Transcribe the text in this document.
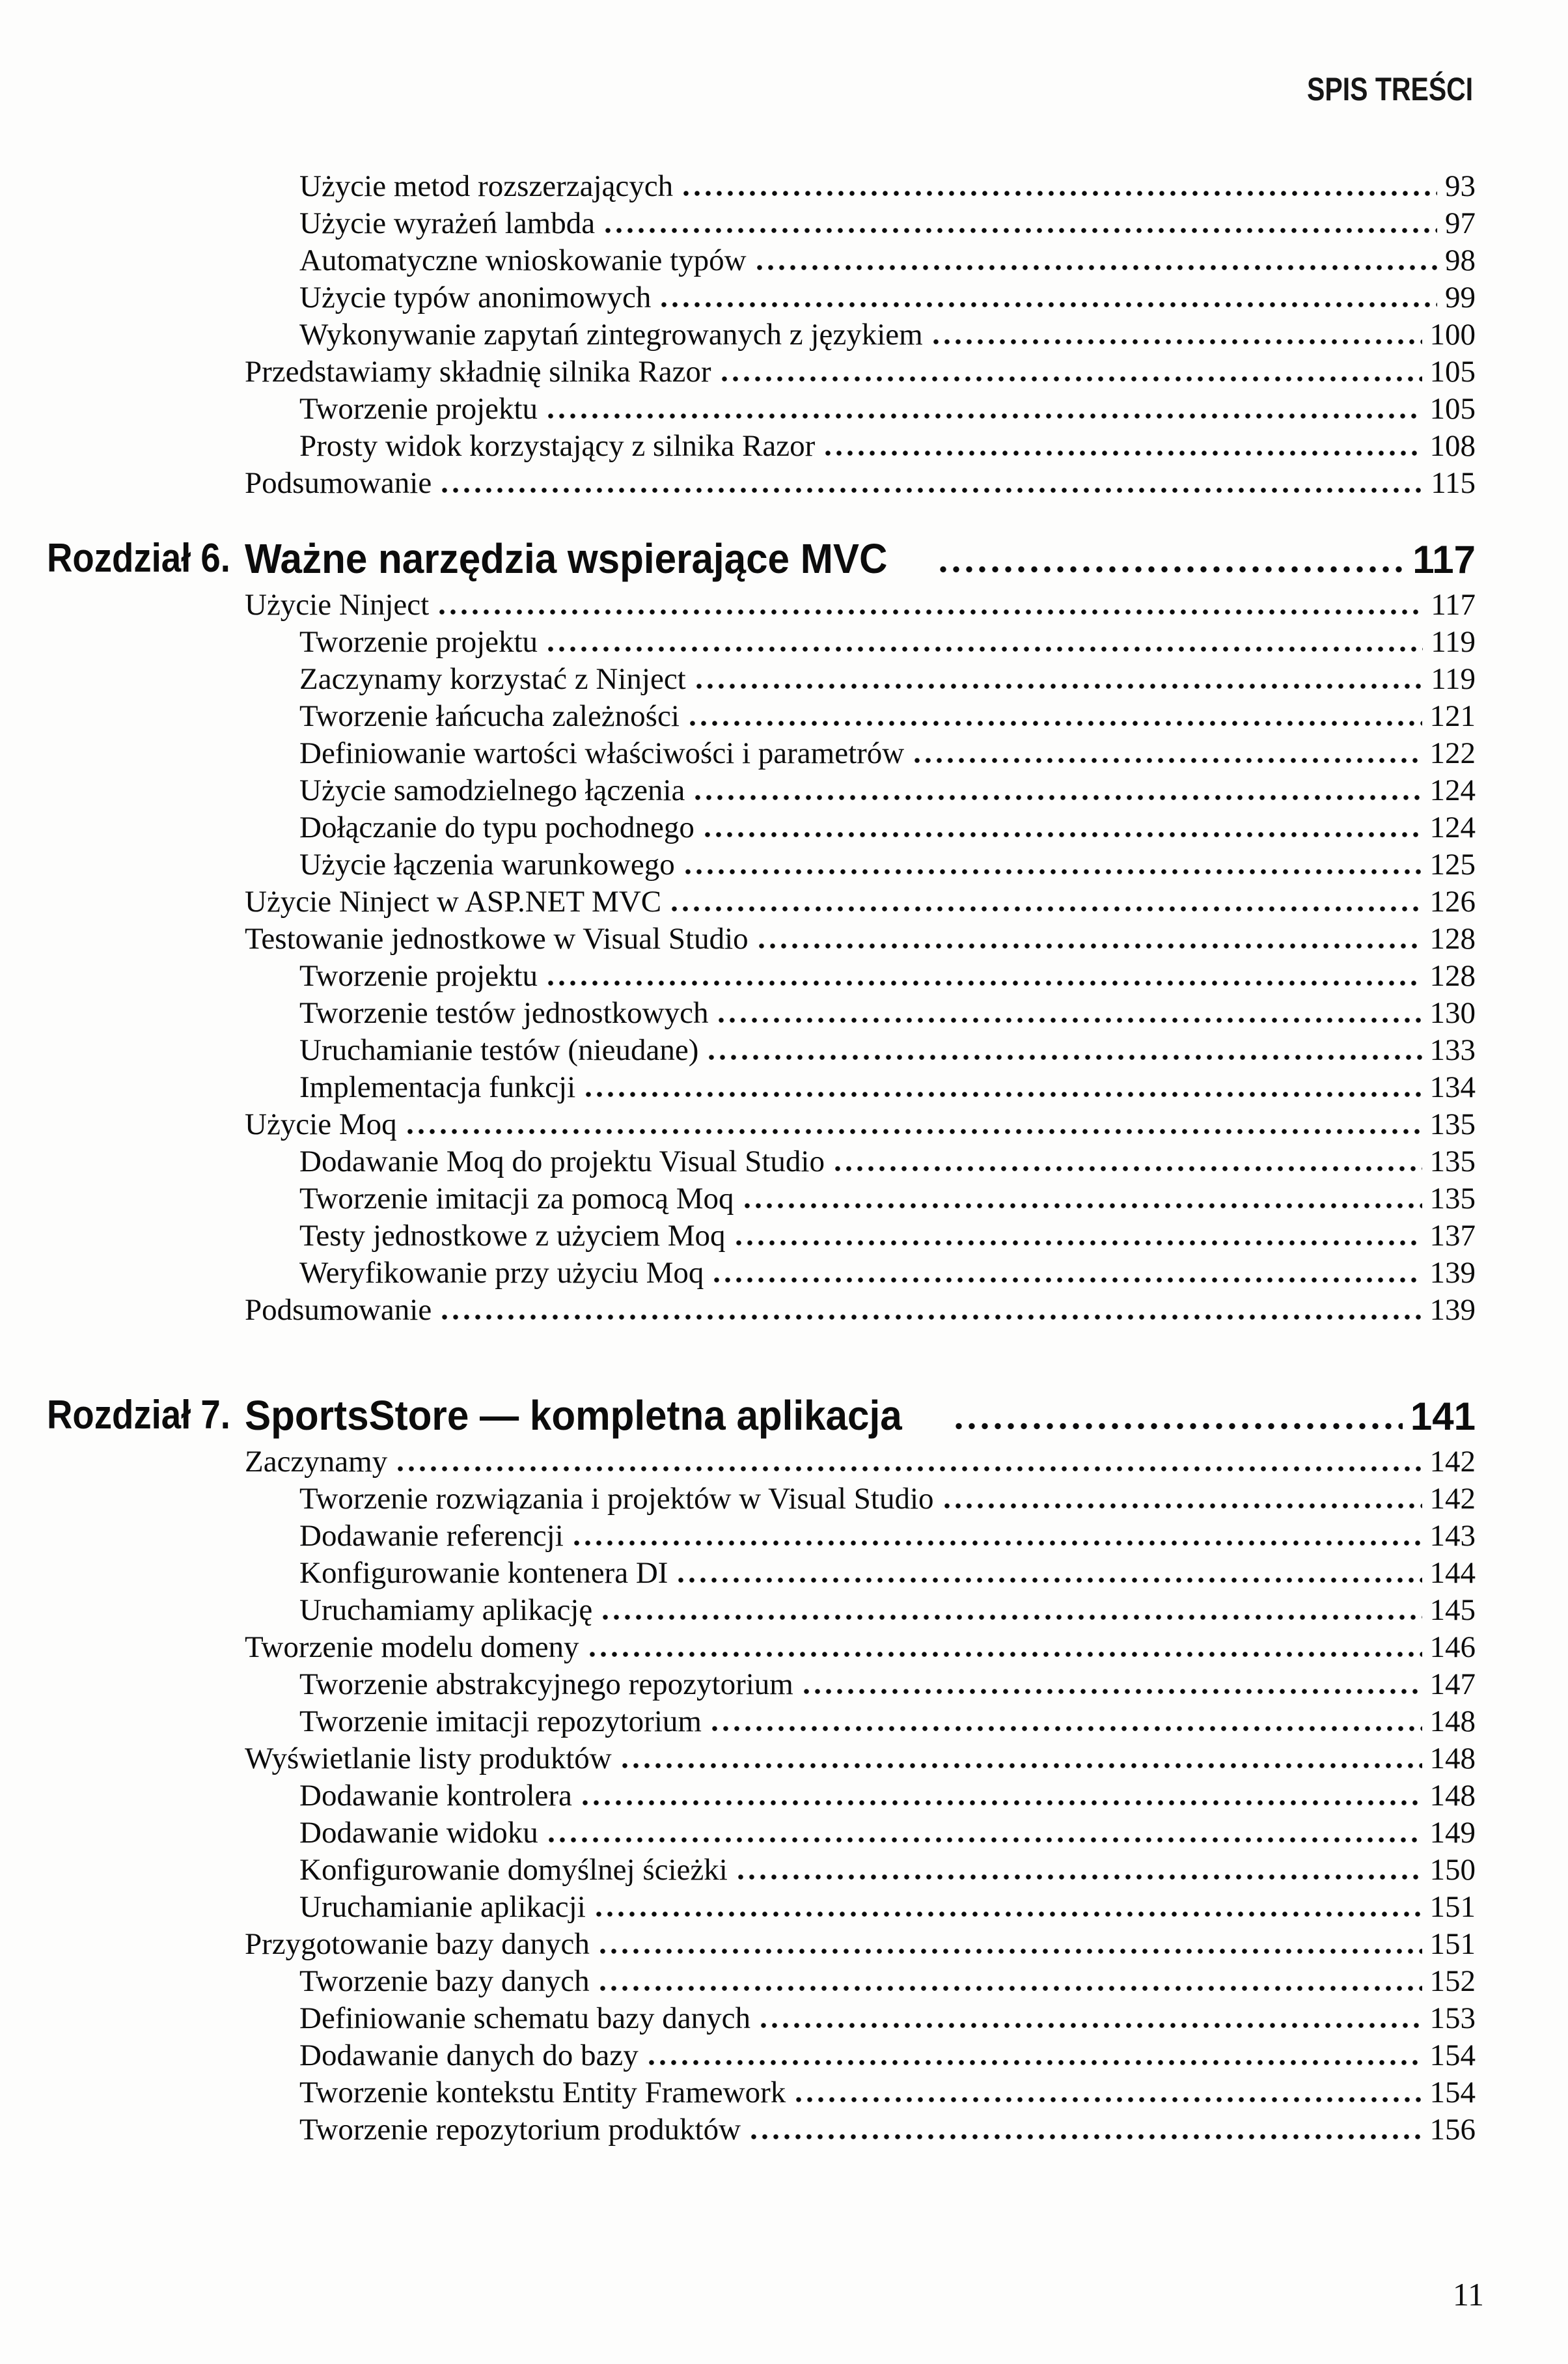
SPIS TREŚCI
Użycie metod rozszerzających	93
Użycie wyrażeń lambda	97
Automatyczne wnioskowanie typów	98
Użycie typów anonimowych	99
Wykonywanie zapytań zintegrowanych z językiem	100
Przedstawiamy składnię silnika Razor	105
Tworzenie projektu	105
Prosty widok korzystający z silnika Razor	108
Podsumowanie	115
Rozdział 6. Ważne narzędzia wspierające MVC	117
Użycie Ninject	117
Tworzenie projektu	119
Zaczynamy korzystać z Ninject	119
Tworzenie łańcucha zależności	121
Definiowanie wartości właściwości i parametrów	122
Użycie samodzielnego łączenia	124
Dołączanie do typu pochodnego	124
Użycie łączenia warunkowego	125
Użycie Ninject w ASP.NET MVC	126
Testowanie jednostkowe w Visual Studio	128
Tworzenie projektu	128
Tworzenie testów jednostkowych	130
Uruchamianie testów (nieudane)	133
Implementacja funkcji	134
Użycie Moq	135
Dodawanie Moq do projektu Visual Studio	135
Tworzenie imitacji za pomocą Moq	135
Testy jednostkowe z użyciem Moq	137
Weryfikowanie przy użyciu Moq	139
Podsumowanie	139
Rozdział 7. SportsStore — kompletna aplikacja	141
Zaczynamy	142
Tworzenie rozwiązania i projektów w Visual Studio	142
Dodawanie referencji	143
Konfigurowanie kontenera DI	144
Uruchamiamy aplikację	145
Tworzenie modelu domeny	146
Tworzenie abstrakcyjnego repozytorium	147
Tworzenie imitacji repozytorium	148
Wyświetlanie listy produktów	148
Dodawanie kontrolera	148
Dodawanie widoku	149
Konfigurowanie domyślnej ścieżki	150
Uruchamianie aplikacji	151
Przygotowanie bazy danych	151
Tworzenie bazy danych	152
Definiowanie schematu bazy danych	153
Dodawanie danych do bazy	154
Tworzenie kontekstu Entity Framework	154
Tworzenie repozytorium produktów	156
11
